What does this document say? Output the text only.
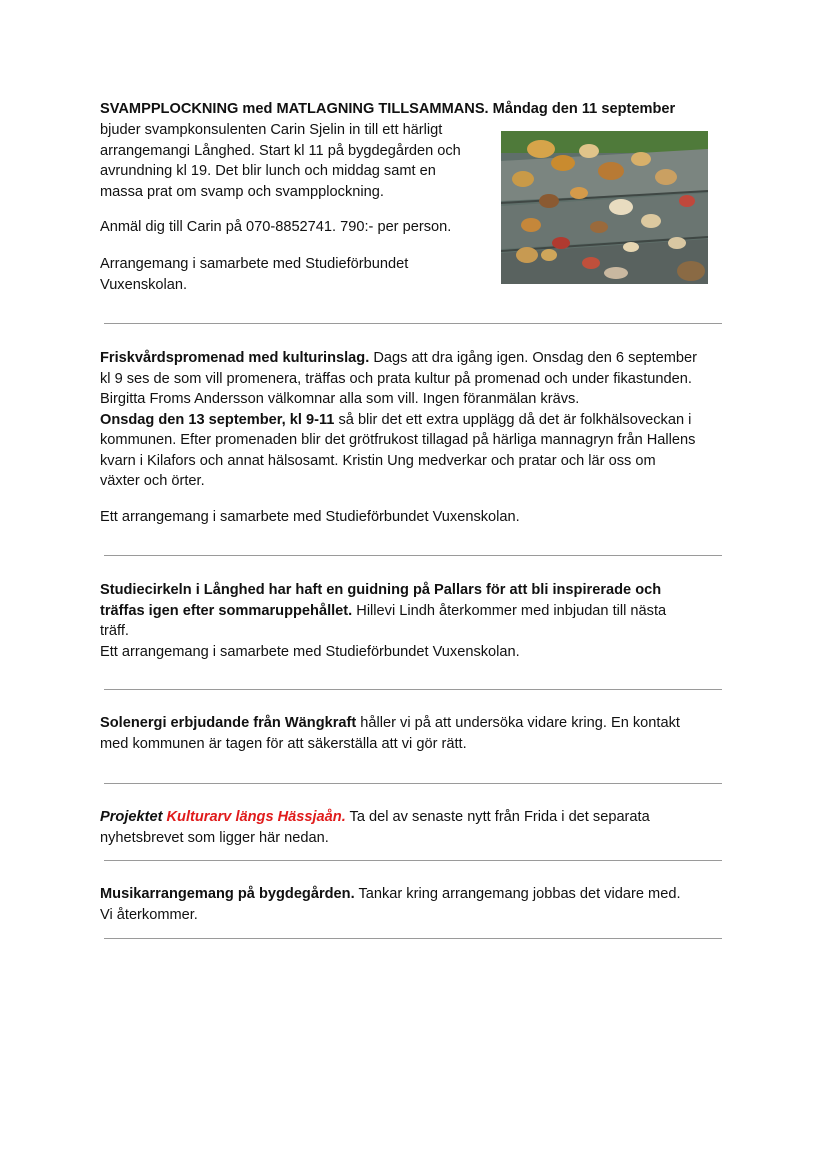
SVAMPPLOCKNING med MATLAGNING TILLSAMMANS. Måndag den 11 september

bjuder svampkonsulenten Carin Sjelin in till ett härligt

arrangemangi Långhed. Start kl 11 på bygdegården och

avrundning kl 19. Det blir lunch och middag samt en

massa prat om svamp och svampplockning.

Anmäl dig till Carin på 070-8852741. 790:- per person.

Arrangemang i samarbete med Studieförbundet

Vuxenskolan.

Friskvårdspromenad med kulturinslag. Dags att dra igång igen. Onsdag den 6 september

kl 9 ses de som vill promenera, träffas och prata kultur på promenad och under fikastunden.

Birgitta Froms Andersson välkomnar alla som vill. Ingen föranmälan krävs.

Onsdag den 13 september, kl 9-11 så blir det ett extra upplägg då det är folkhälsoveckan i

kommunen. Efter promenaden blir det grötfrukost tillagad på härliga mannagryn från Hallens

kvarn i Kilafors och annat hälsosamt. Kristin Ung medverkar och pratar och lär oss om

växter och örter.

Ett arrangemang i samarbete med Studieförbundet Vuxenskolan.

Studiecirkeln i Långhed har haft en guidning på Pallars för att bli inspirerade och

träffas igen efter sommaruppehållet. Hillevi Lindh återkommer med inbjudan till nästa

träff.

Ett arrangemang i samarbete med Studieförbundet Vuxenskolan.

Solenergi erbjudande från Wängkraft håller vi på att undersöka vidare kring. En kontakt

med kommunen är tagen för att säkerställa att vi gör rätt.

Projektet Kulturarv längs Hässjaån. Ta del av senaste nytt från Frida i det separata

nyhetsbrevet som ligger här nedan.

Musikarrangemang på bygdegården. Tankar kring arrangemang jobbas det vidare med.

Vi återkommer.
